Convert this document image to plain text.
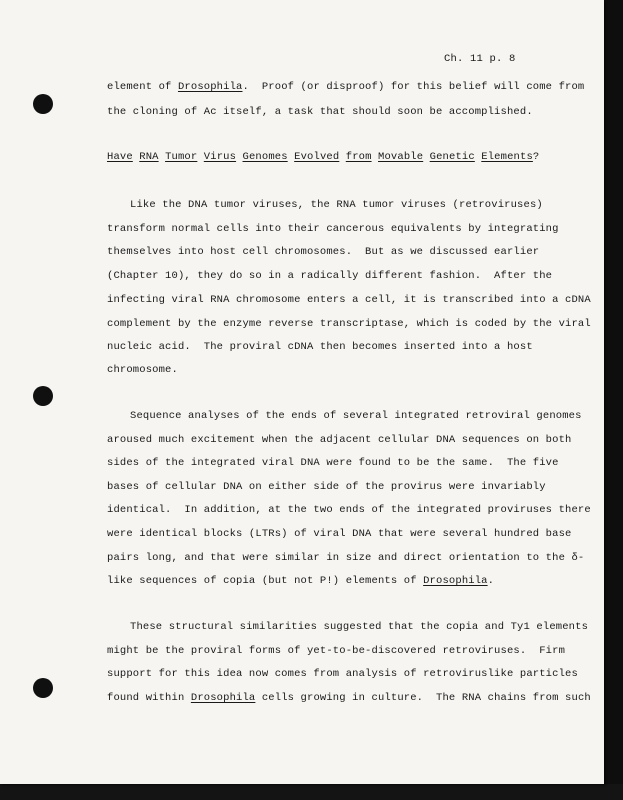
Ch. 11 p. 8
element of Drosophila.  Proof (or disproof) for this belief will come from
the cloning of Ac itself, a task that should soon be accomplished.
Have RNA Tumor Virus Genomes Evolved from Movable Genetic Elements?
Like the DNA tumor viruses, the RNA tumor viruses (retroviruses)
transform normal cells into their cancerous equivalents by integrating
themselves into host cell chromosomes.  But as we discussed earlier
(Chapter 10), they do so in a radically different fashion.  After the
infecting viral RNA chromosome enters a cell, it is transcribed into a cDNA
complement by the enzyme reverse transcriptase, which is coded by the viral
nucleic acid.  The proviral cDNA then becomes inserted into a host
chromosome.
Sequence analyses of the ends of several integrated retroviral genomes
aroused much excitement when the adjacent cellular DNA sequences on both
sides of the integrated viral DNA were found to be the same.  The five
bases of cellular DNA on either side of the provirus were invariably
identical.  In addition, at the two ends of the integrated proviruses there
were identical blocks (LTRs) of viral DNA that were several hundred base
pairs long, and that were similar in size and direct orientation to the δ-
like sequences of copia (but not P!) elements of Drosophila.
These structural similarities suggested that the copia and Ty1 elements
might be the proviral forms of yet-to-be-discovered retroviruses.  Firm
support for this idea now comes from analysis of retroviruslike particles
found within Drosophila cells growing in culture.  The RNA chains from such
